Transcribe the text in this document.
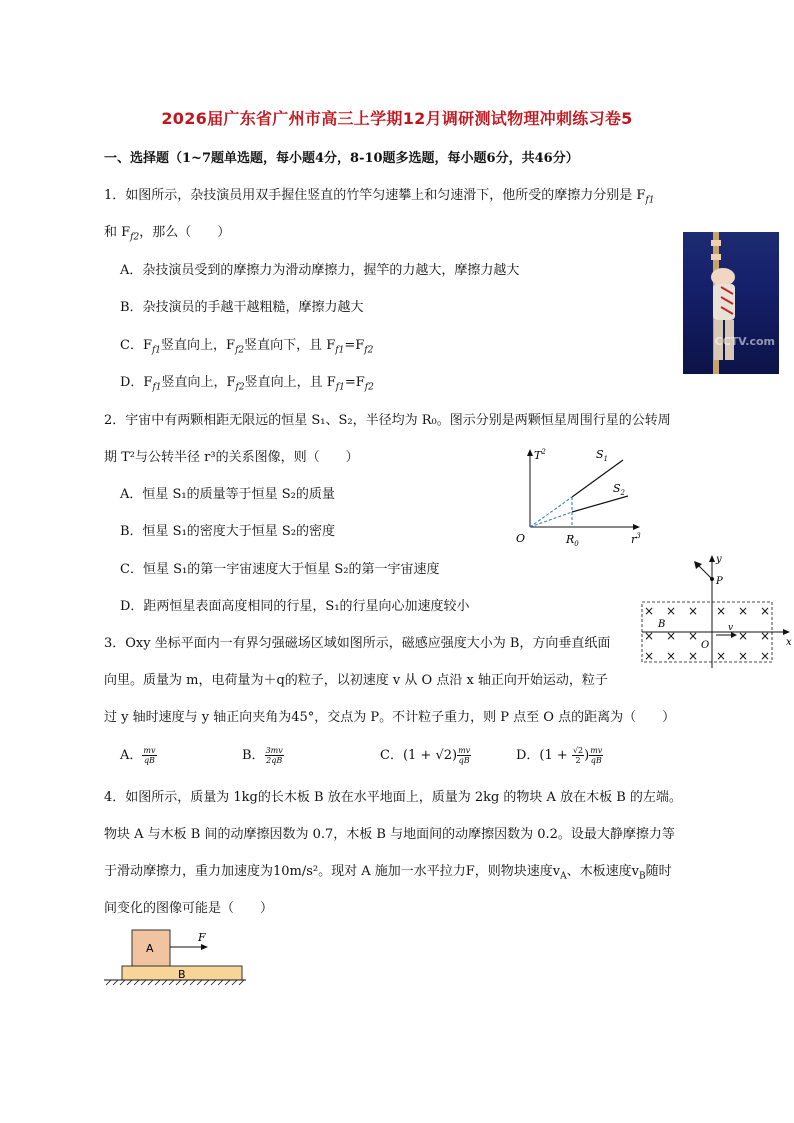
2026届广东省广州市高三上学期12月调研测试物理冲刺练习卷5
一、选择题（1~7题单选题，每小题4分，8-10题多选题，每小题6分，共46分）
1．如图所示，杂技演员用双手握住竖直的竹竿匀速攀上和匀速滑下，他所受的摩擦力分别是 $F_{f1}$
和 $F_{f2}$，那么（　　）
A．杂技演员受到的摩擦力为滑动摩擦力，握竿的力越大，摩擦力越大
B．杂技演员的手越干越粗糙，摩擦力越大
C．$F_{f1}$竖直向上，$F_{f2}$竖直向下，且 $F_{f1}=F_{f2}$
D．$F_{f1}$竖直向上，$F_{f2}$竖直向上，且 $F_{f1}=F_{f2}$
CCTV.com
2．宇宙中有两颗相距无限远的恒星 S₁、S₂，半径均为 R₀。图示分别是两颗恒星周围行星的公转周
期 T²与公转半径 r³的关系图像，则（　　）
A．恒星 S₁的质量等于恒星 S₂的质量
B．恒星 S₁的密度大于恒星 S₂的密度
C．恒星 S₁的第一宇宙速度大于恒星 S₂的第一宇宙速度
D．距两恒星表面高度相同的行星，S₁的行星向心加速度较小
$T^2$
$r^3$
O	$R_0$
$S_1$
$S_2$
3．Oxy 坐标平面内一有界匀强磁场区域如图所示，磁感应强度大小为 B，方向垂直纸面
向里。质量为 m，电荷量为＋q的粒子，以初速度 v 从 O 点沿 x 轴正向开始运动，粒子
过 y 轴时速度与 y 轴正向夹角为45°，交点为 P。不计粒子重力，则 P 点至 O 点的距离为（　　）
A． $\frac{mv}{qB}$	B． $\frac{3mv}{2qB}$	C．$(1 + √2) \frac{mv}{qB}$	D．($1 + \frac{√2}{2}$ ) $\frac{mv}{qB}$
× × × × × ×
× × ×	× ×
× × × × × ×
y
x
P
O
B	v
4．如图所示，质量为 1kg的长木板 B 放在水平地面上，质量为 2kg 的物块 A 放在木板 B 的左端。
物块 A 与木板 B 间的动摩擦因数为 0.7，木板 B 与地面间的动摩擦因数为 0.2。设最大静摩擦力等
于滑动摩擦力，重力加速度为10m/s²。现对 A 施加一水平拉力F，则物块速度$v_A$、木板速度$v_B$随时
间变化的图像可能是（　　）
A
B
F
